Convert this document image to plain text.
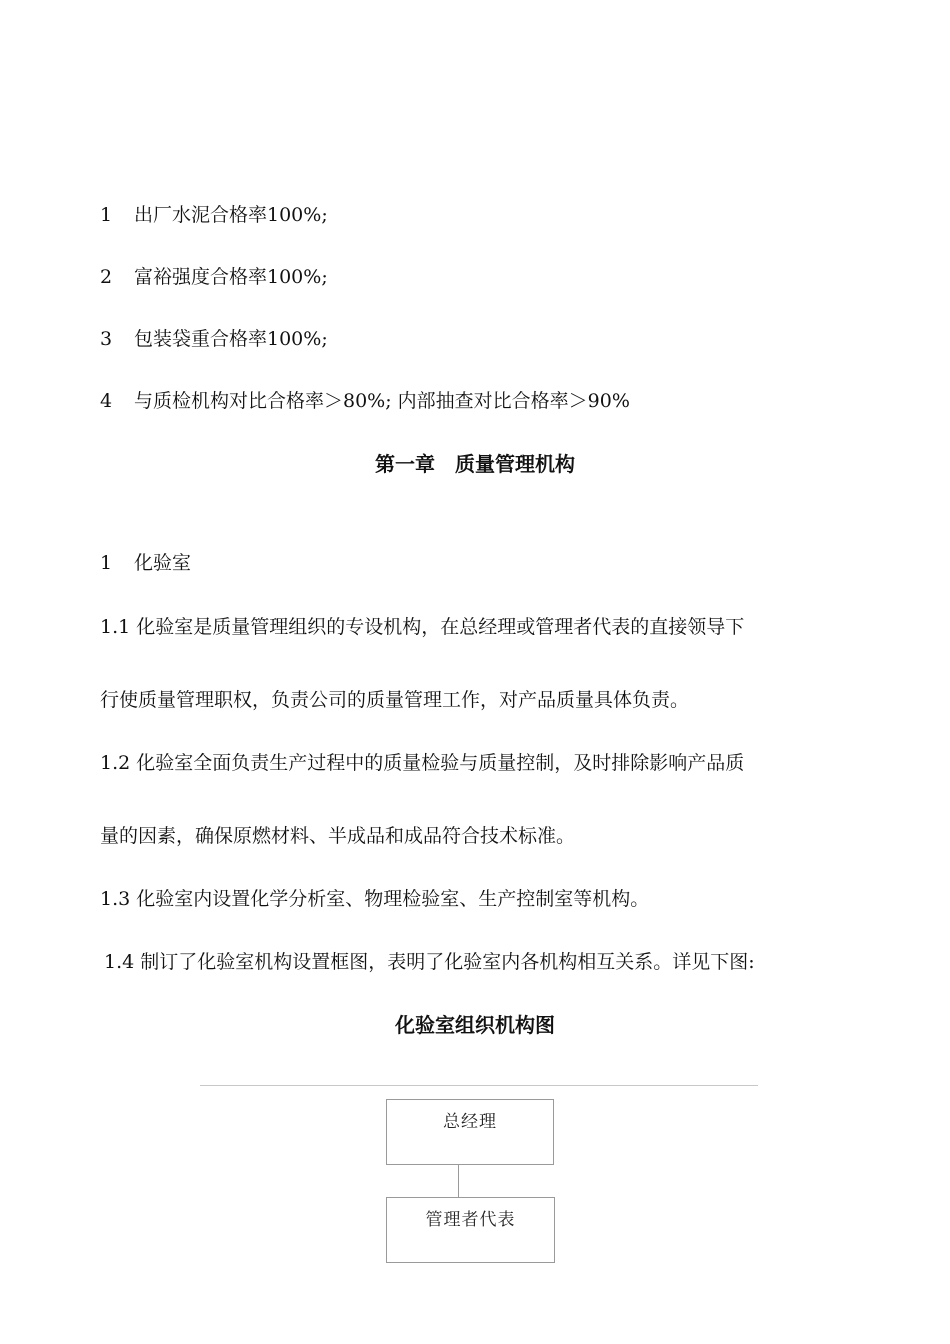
1 出厂水泥合格率100%;
2 富裕强度合格率100%;
3 包装袋重合格率100%;
4 与质检机构对比合格率＞80%; 内部抽查对比合格率＞90%
第一章　质量管理机构
1 化验室
1.1 化验室是质量管理组织的专设机构，在总经理或管理者代表的直接领导下
行使质量管理职权，负责公司的质量管理工作，对产品质量具体负责。
1.2 化验室全面负责生产过程中的质量检验与质量控制，及时排除影响产品质
量的因素，确保原燃材料、半成品和成品符合技术标准。
1.3 化验室内设置化学分析室、物理检验室、生产控制室等机构。
1.4 制订了化验室机构设置框图，表明了化验室内各机构相互关系。详见下图:
化验室组织机构图
总经理
管理者代表
